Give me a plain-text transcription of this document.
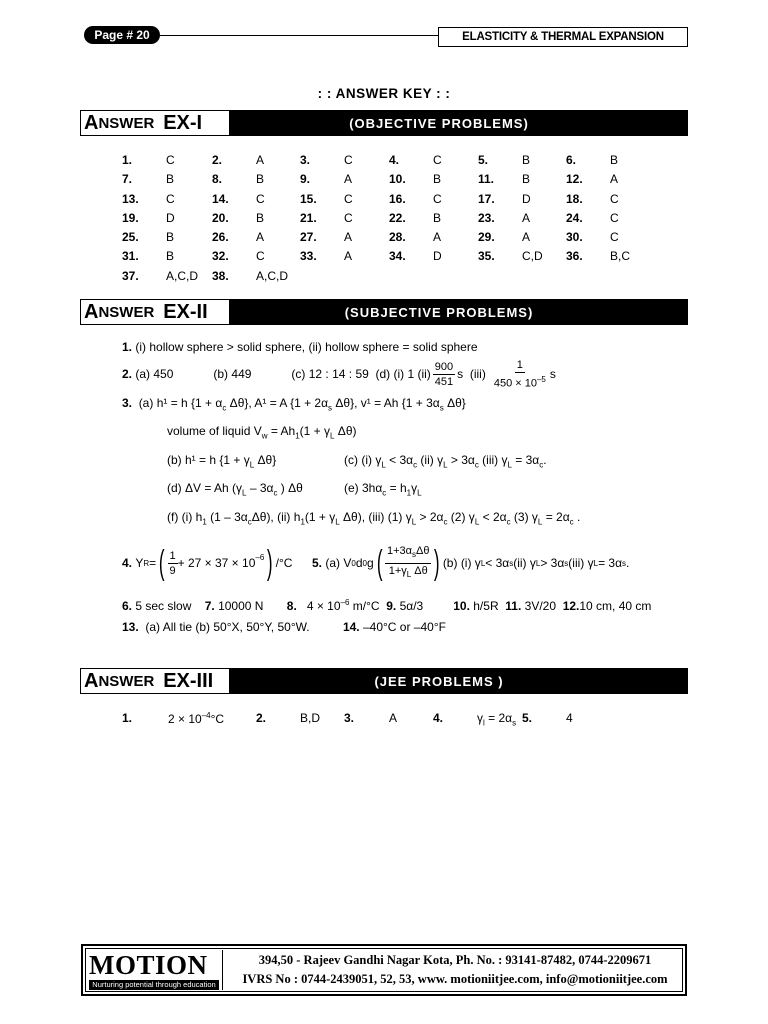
Page # 20	ELASTICITY & THERMAL EXPANSION
: : ANSWER KEY : :
A NSWER
E X-I	(OBJECTIVE PROBLEMS)
1.	C	2.	A	3.	C	4.	C	5.	B	6.	B
7.	B	8.	B	9.	A	10. B	11. B	12. A
13. C	14. C	15. C	16. C	17. D	18. C
19. D	20. B	21. C	22. B	23. A	24. C
25. B	26. A	27. A	28. A	29. A	30. C
31. B	32. C	33. A	34. D	35. C,D 36. B,C
37. A,C,D 38. A,C,D
A NSWER
E X-II	(SUBJECTIVE PROBLEMS)
1. (i) hollow sphere > solid sphere, (ii) hollow sphere = solid sphere
2.
(a) 450	(b) 449	(c) 12 : 14 : 59
(d) (i) 1 $(ii) \frac{900}{451}$ s
$(iii) \frac{1}{450 \times 10^{-5}}$ s
3. (a) h¹ = h {$1 + \alpha_c$ Δθ}, A¹ = A {$1 + 2\alpha_s$ Δθ}, v¹ = Ah {$1 + 3\alpha_s$ Δθ}
volume of liquid $V_w = Ah_1(1 + \gamma_L$ Δθ)
(b) h¹ = h {$1 + \gamma_L$ Δθ}	(c) (i) $\gamma_L < 3\alpha_c$ (ii) $\gamma_L > 3\alpha_c$ (iii) $\gamma_L = 3\alpha_c$.
(d) ΔV = Ah ($\gamma_L - 3\alpha_c$ ) Δθ	(e) $3h\alpha_c = h_1\gamma_L$
(f) (i) $h_1$ $(1 - 3\alpha_c\Delta\theta)$, (ii) $h_1(1 + \gamma_L$ Δθ), (iii) (1) $\gamma_L > 2\alpha_c$ (2) $\gamma_L < 2\alpha_c$ (3) $\gamma_L = 2\alpha_c$ .
4.
Y R = ( $\frac{1}{9} + 27 \times 37 \times 10^{-6}$ ) /°C 5.
(a) V 0 d 0 g ( $\frac{1+3\alpha_s\Delta\theta}{1+\gamma_L \Delta\theta}$ ) (b) (i) γ L < 3α s (ii) γ L > 3α s (iii) γ L = 3α s .
6. 5 sec slow 7. 10000 N 8. $4 \times 10^{-6}$ m/°C 9. 5α/3	10. h/5R 11. 3V/20 12.10 cm, 40 cm
13. (a) All tie (b) 50°X, 50°Y, 50°W.	14. –40°C or –40°F
A NSWER
E X-III	(JEE PROBLEMS )
1.	$2 \times 10^{-4}^\circ C$	2.	B,D 3.	A	4.	$\gamma_l = 2\alpha_s$ 5.	4
MOTION
Nurturing potential through education
394,50 - Rajeev Gandhi Nagar Kota, Ph. No. : 93141-87482, 0744-2209671
IVRS No : 0744-2439051, 52, 53, www. motioniitjee.com, info@motioniitjee.com
